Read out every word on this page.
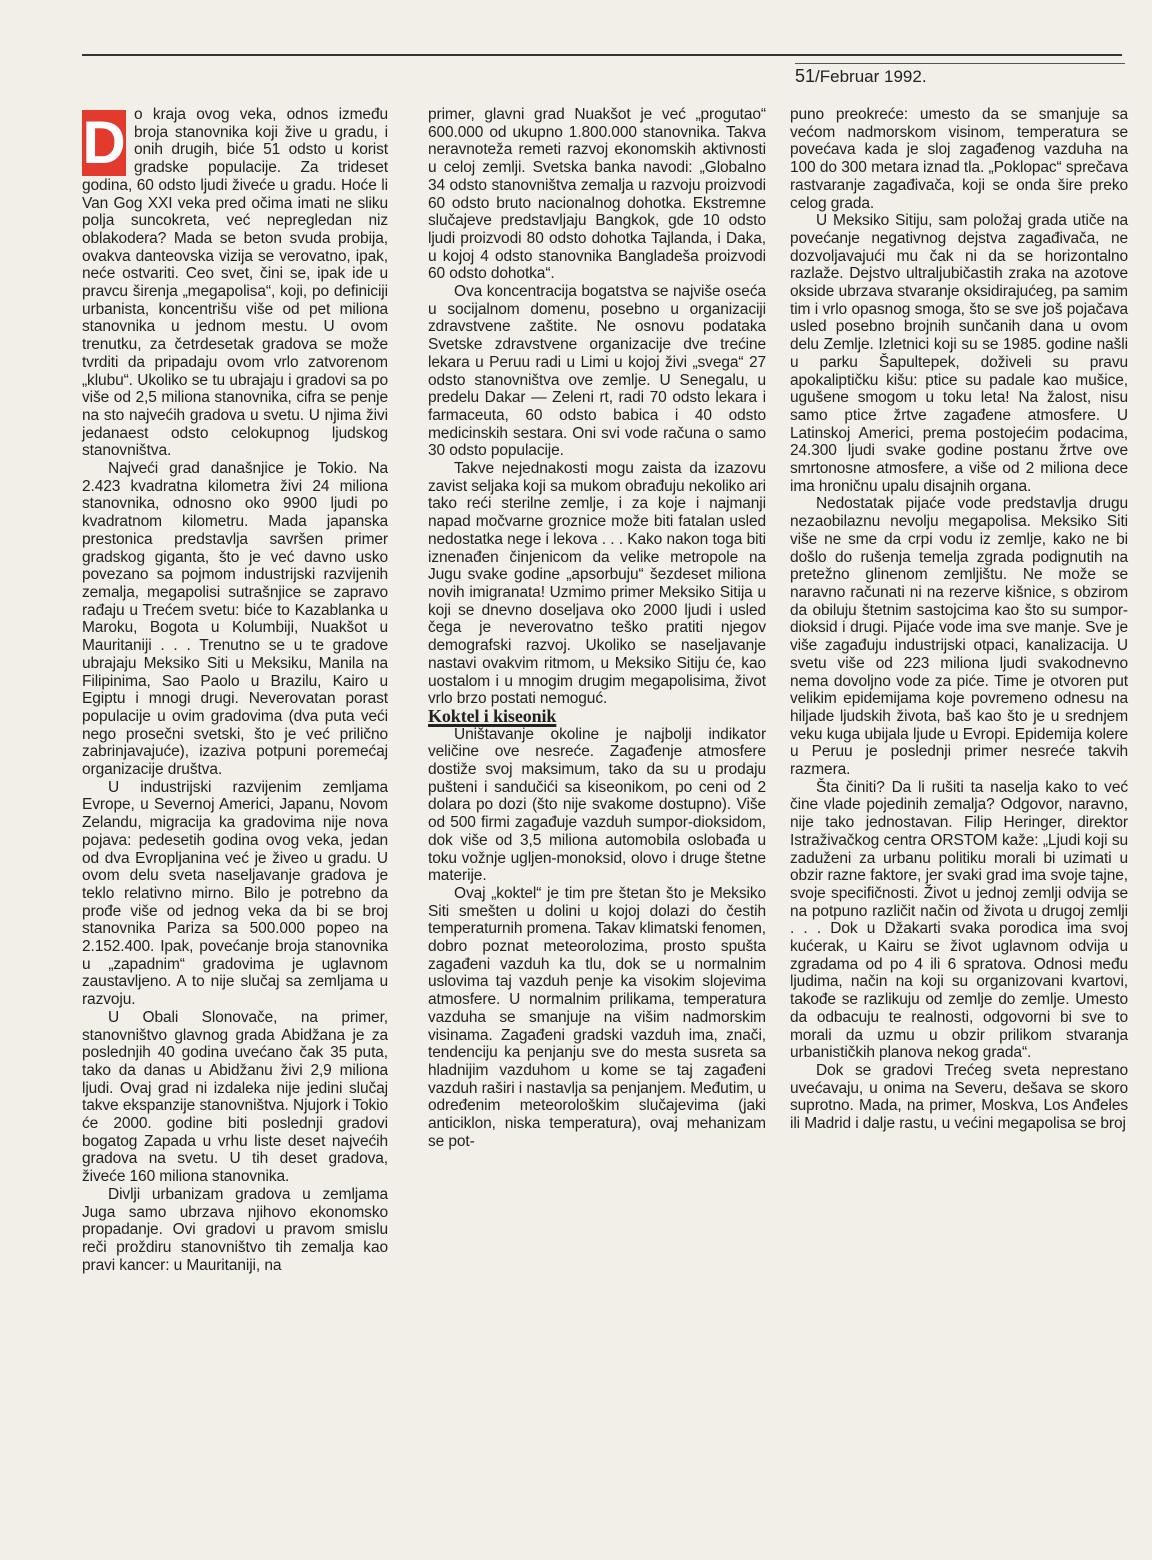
51/Februar 1992.
D o kraja ovog veka, odnos između broja stanovnika koji žive u gradu, i onih drugih, biće 51 odsto u korist gradske populacije. Za trideset godina, 60 odsto ljudi živeće u gradu. Hoće li Van Gog XXI veka pred očima imati ne sliku polja suncokreta, već nepregledan niz oblakodera? Mada se beton svuda probija, ovakva danteovska vizija se verovatno, ipak, neće ostvariti. Ceo svet, čini se, ipak ide u pravcu širenja „megapolisa“, koji, po definiciji urbanista, koncentrišu više od pet miliona stanovnika u jednom mestu. U ovom trenutku, za četrdesetak gradova se može tvrditi da pripadaju ovom vrlo zatvorenom „klubu“. Ukoliko se tu ubrajaju i gradovi sa po više od 2,5 miliona stanovnika, cifra se penje na sto najvećih gradova u svetu. U njima živi jedanaest odsto celokupnog ljudskog stanovništva.

Najveći grad današnjice je Tokio. Na 2.423 kvadratna kilometra živi 24 miliona stanovnika, odnosno oko 9900 ljudi po kvadratnom kilometru. Mada japanska prestonica predstavlja savršen primer gradskog giganta, što je već davno usko povezano sa pojmom industrijski razvijenih zemalja, megapolisi sutrašnjice se zapravo rađaju u Trećem svetu: biće to Kazablanka u Maroku, Bogota u Kolumbiji, Nuakšot u Mauritaniji . . . Trenutno se u te gradove ubrajaju Meksiko Siti u Meksiku, Manila na Filipinima, Sao Paolo u Brazilu, Kairo u Egiptu i mnogi drugi. Neverovatan porast populacije u ovim gradovima (dva puta veći nego prosečni svetski, što je već prilično zabrinjavajuće), izaziva potpuni poremećaj organizacije društva.

U industrijski razvijenim zemljama Evrope, u Severnoj Americi, Japanu, Novom Zelandu, migracija ka gradovima nije nova pojava: pedesetih godina ovog veka, jedan od dva Evropljanina već je živeo u gradu. U ovom delu sveta naseljavanje gradova je teklo relativno mirno. Bilo je potrebno da prođe više od jednog veka da bi se broj stanovnika Pariza sa 500.000 popeo na 2.152.400. Ipak, povećanje broja stanovnika u „zapadnim“ gradovima je uglavnom zaustavljeno. A to nije slučaj sa zemljama u razvoju.

U Obali Slonovače, na primer, stanovništvo glavnog grada Abidžana je za poslednjih 40 godina uvećano čak 35 puta, tako da danas u Abidžanu živi 2,9 miliona ljudi. Ovaj grad ni izdaleka nije jedini slučaj takve ekspanzije stanovništva. Njujork i Tokio će 2000. godine biti poslednji gradovi bogatog Zapada u vrhu liste deset najvećih gradova na svetu. U tih deset gradova, živeće 160 miliona stanovnika.

Divlji urbanizam gradova u zemljama Juga samo ubrzava njihovo ekonomsko propadanje. Ovi gradovi u pravom smislu reči proždiru stanovništvo tih zemalja kao pravi kancer: u Mauritaniji, na

primer, glavni grad Nuakšot je već „progutao“ 600.000 od ukupno 1.800.000 stanovnika. Takva neravnoteža remeti razvoj ekonomskih aktivnosti u celoj zemlji. Svetska banka navodi: „Globalno 34 odsto stanovništva zemalja u razvoju proizvodi 60 odsto bruto nacionalnog dohotka. Ekstremne slučajeve predstavljaju Bangkok, gde 10 odsto ljudi proizvodi 80 odsto dohotka Tajlanda, i Daka, u kojoj 4 odsto stanovnika Bangladeša proizvodi 60 odsto dohotka“.

Ova koncentracija bogatstva se najviše oseća u socijalnom domenu, posebno u organizaciji zdravstvene zaštite. Ne osnovu podataka Svetske zdravstvene organizacije dve trećine lekara u Peruu radi u Limi u kojoj živi „svega“ 27 odsto stanovništva ove zemlje. U Senegalu, u predelu Dakar — Zeleni rt, radi 70 odsto lekara i farmaceuta, 60 odsto babica i 40 odsto medicinskih sestara. Oni svi vode računa o samo 30 odsto populacije.

Takve nejednakosti mogu zaista da izazovu zavist seljaka koji sa mukom obrađuju nekoliko ari tako reći sterilne zemlje, i za koje i najmanji napad močvarne groznice može biti fatalan usled nedostatka nege i lekova . . . Kako nakon toga biti iznenađen činjenicom da velike metropole na Jugu svake godine „apsorbuju“ šezdeset miliona novih imigranata! Uzmimo primer Meksiko Sitija u koji se dnevno doseljava oko 2000 ljudi i usled čega je neverovatno teško pratiti njegov demografski razvoj. Ukoliko se naseljavanje nastavi ovakvim ritmom, u Meksiko Sitiju će, kao uostalom i u mnogim drugim megapolisima, život vrlo brzo postati nemoguć.

Koktel i kiseonik

Uništavanje okoline je najbolji indikator veličine ove nesreće. Zagađenje atmosfere dostiže svoj maksimum, tako da su u prodaju pušteni i sandučići sa kiseonikom, po ceni od 2 dolara po dozi (što nije svakome dostupno). Više od 500 firmi zagađuje vazduh sumpor-dioksidom, dok više od 3,5 miliona automobila oslobađa u toku vožnje ugljen-monoksid, olovo i druge štetne materije.

Ovaj „koktel“ je tim pre štetan što je Meksiko Siti smešten u dolini u kojoj dolazi do čestih temperaturnih promena. Takav klimatski fenomen, dobro poznat meteorolozima, prosto spušta zagađeni vazduh ka tlu, dok se u normalnim uslovima taj vazduh penje ka visokim slojevima atmosfere. U normalnim prilikama, temperatura vazduha se smanjuje na višim nadmorskim visinama. Zagađeni gradski vazduh ima, znači, tendenciju ka penjanju sve do mesta susreta sa hladnijim vazduhom u kome se taj zagađeni vazduh raširi i nastavlja sa penjanjem. Međutim, u određenim meteorološkim slučajevima (jaki anticiklon, niska temperatura), ovaj mehanizam se pot-

puno preokreće: umesto da se smanjuje sa većom nadmorskom visinom, temperatura se povećava kada je sloj zagađenog vazduha na 100 do 300 metara iznad tla. „Poklopac“ sprečava rastvaranje zagađivača, koji se onda šire preko celog grada.

U Meksiko Sitiju, sam položaj grada utiče na povećanje negativnog dejstva zagađivača, ne dozvoljavajući mu čak ni da se horizontalno razlaže. Dejstvo ultraljubičastih zraka na azotove okside ubrzava stvaranje oksidirajućeg, pa samim tim i vrlo opasnog smoga, što se sve još pojačava usled posebno brojnih sunčanih dana u ovom delu Zemlje. Izletnici koji su se 1985. godine našli u parku Šapultepek, doživeli su pravu apokaliptičku kišu: ptice su padale kao mušice, ugušene smogom u toku leta! Na žalost, nisu samo ptice žrtve zagađene atmosfere. U Latinskoj Americi, prema postojećim podacima, 24.300 ljudi svake godine postanu žrtve ove smrtonosne atmosfere, a više od 2 miliona dece ima hroničnu upalu disajnih organa.

Nedostatak pijaće vode predstavlja drugu nezaobilaznu nevolju megapolisa. Meksiko Siti više ne sme da crpi vodu iz zemlje, kako ne bi došlo do rušenja temelja zgrada podignutih na pretežno glinenom zemljištu. Ne može se naravno računati ni na rezerve kišnice, s obzirom da obiluju štetnim sastojcima kao što su sumpor-dioksid i drugi. Pijaće vode ima sve manje. Sve je više zagađuju industrijski otpaci, kanalizacija. U svetu više od 223 miliona ljudi svakodnevno nema dovoljno vode za piće. Time je otvoren put velikim epidemijama koje povremeno odnesu na hiljade ljudskih života, baš kao što je u srednjem veku kuga ubijala ljude u Evropi. Epidemija kolere u Peruu je poslednji primer nesreće takvih razmera.

Šta činiti? Da li rušiti ta naselja kako to već čine vlade pojedinih zemalja? Odgovor, naravno, nije tako jednostavan. Filip Heringer, direktor Istraživačkog centra ORSTOM kaže: „Ljudi koji su zaduženi za urbanu politiku morali bi uzimati u obzir razne faktore, jer svaki grad ima svoje tajne, svoje specifičnosti. Život u jednoj zemlji odvija se na potpuno različit način od života u drugoj zemlji . . . Dok u Džakarti svaka porodica ima svoj kućerak, u Kairu se život uglavnom odvija u zgradama od po 4 ili 6 spratova. Odnosi među ljudima, način na koji su organizovani kvartovi, takođe se razlikuju od zemlje do zemlje. Umesto da odbacuju te realnosti, odgovorni bi sve to morali da uzmu u obzir prilikom stvaranja urbanističkih planova nekog grada“.

Dok se gradovi Trećeg sveta neprestano uvećavaju, u onima na Severu, dešava se skoro suprotno. Mada, na primer, Moskva, Los Anđeles ili Madrid i dalje rastu, u većini megapolisa se broj
